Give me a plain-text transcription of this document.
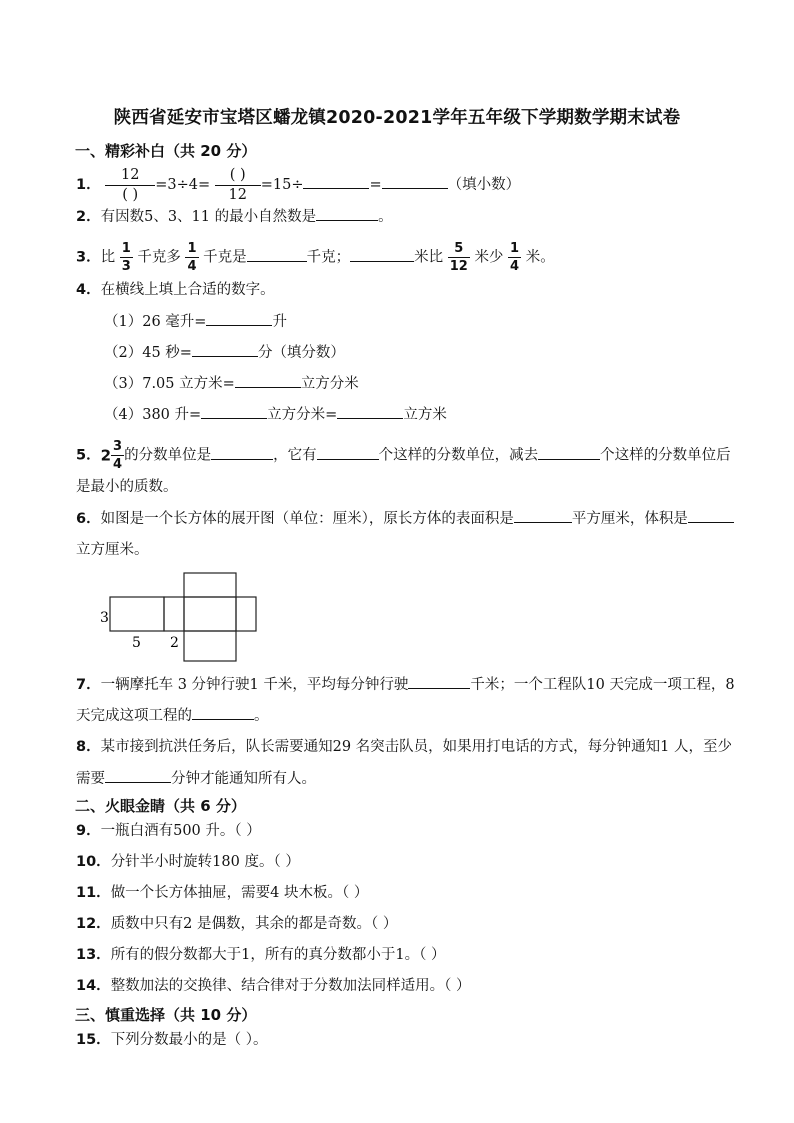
陕西省延安市宝塔区蟠龙镇2020-2021学年五年级下学期数学期末试卷
一、精彩补白（共 20 分）
1． $\frac{12}{( )} =3\div 4= \frac{( )}{12} =15\div$	=	（填小数）
2．有因数5、3、11 的最小自然数是	。
3．比 $\frac{1}{3}$ 千克多 $\frac{1}{4}$ 千克是	千克；	米比 $\frac{5}{12}$ 米少 $\frac{1}{4}$ 米。
4．在横线上填上合适的数字。
（1）26 毫升=	升
（2）45 秒=	分（填分数）
（3）7.05 立方米=	立方分米
（4）380 升=	立方分米=	立方米
5．$2 \frac{3}{4}$ 的分数单位是	，它有	个这样的分数单位，减去	个这样的分数单位后
是最小的质数。
6．如图是一个长方体的展开图（单位：厘米），原长方体的表面积是	平方厘米，体积是
立方厘米。
3
5 2
7．一辆摩托车 3 分钟行驶1 千米，平均每分钟行驶	千米；一个工程队10 天完成一项工程，8
天完成这项工程的	。
8．某市接到抗洪任务后，队长需要通知29 名突击队员，如果用打电话的方式，每分钟通知1 人，至少
需要	分钟才能通知所有人。
二、火眼金睛（共 6 分）
9．一瓶白酒有500 升。（ ）
10．分针半小时旋转180 度。（ ）
11．做一个长方体抽屉，需要4 块木板。（ ）
12．质数中只有2 是偶数，其余的都是奇数。（ ）
13．所有的假分数都大于1，所有的真分数都小于1。（ ）
14．整数加法的交换律、结合律对于分数加法同样适用。（ ）
三、慎重选择（共 10 分）
15．下列分数最小的是（ ）。
